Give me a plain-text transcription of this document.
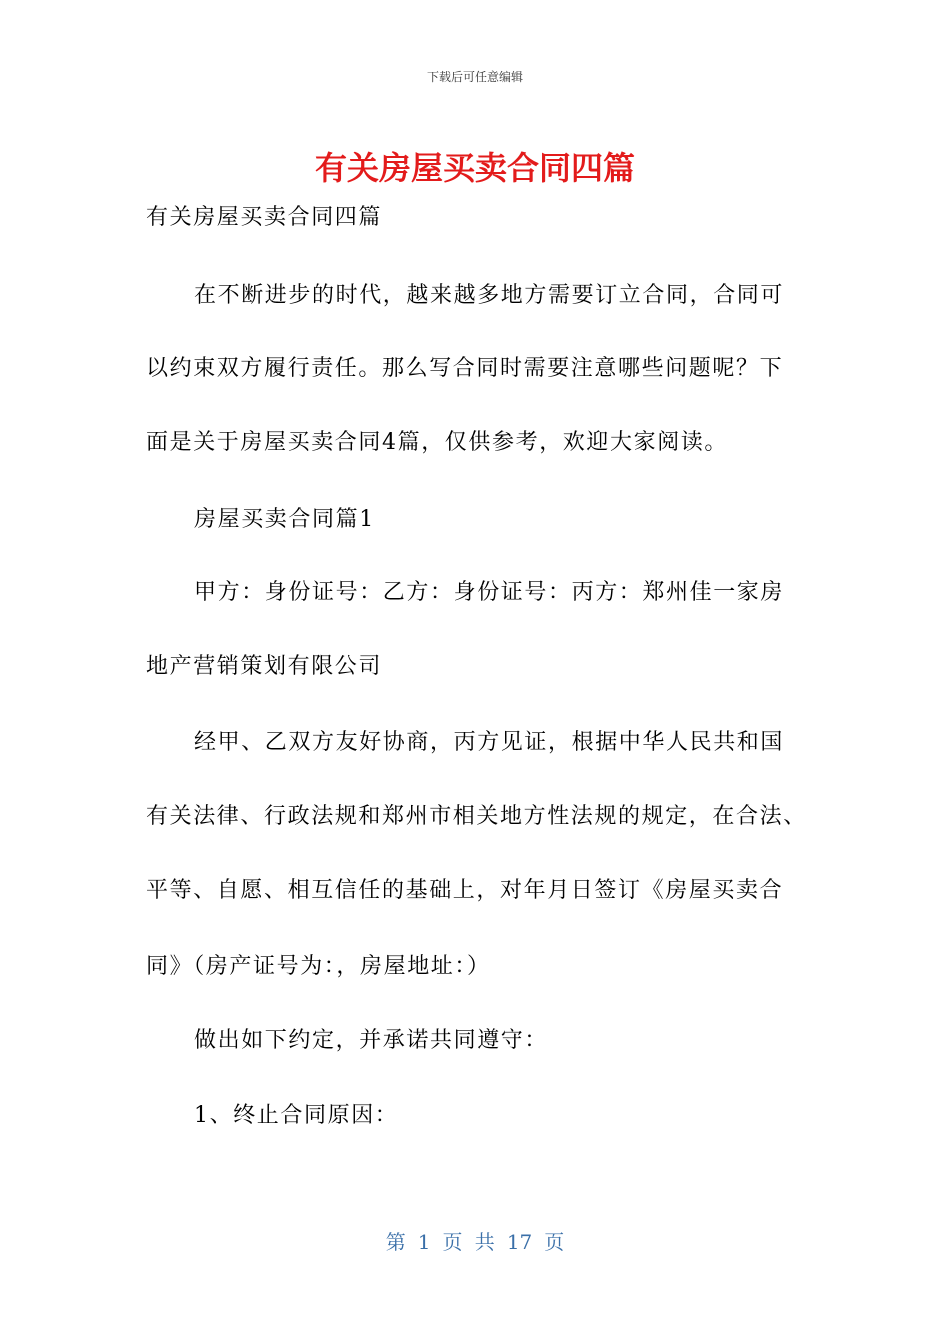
下载后可任意编辑
有关房屋买卖合同四篇
有关房屋买卖合同四篇
在不断进步的时代，越来越多地方需要订立合同，合同可
以约束双方履行责任。那么写合同时需要注意哪些问题呢？下
面是关于房屋买卖合同4篇，仅供参考，欢迎大家阅读。
房屋买卖合同篇1
甲方：身份证号：乙方：身份证号：丙方：郑州佳一家房
地产营销策划有限公司
经甲、乙双方友好协商，丙方见证，根据中华人民共和国
有关法律、行政法规和郑州市相关地方性法规的规定，在合法、
平等、自愿、相互信任的基础上，对年月日签订《房屋买卖合
同》（房产证号为：，房屋地址：）
做出如下约定，并承诺共同遵守：
1、终止合同原因：
第 1 页 共 17 页
